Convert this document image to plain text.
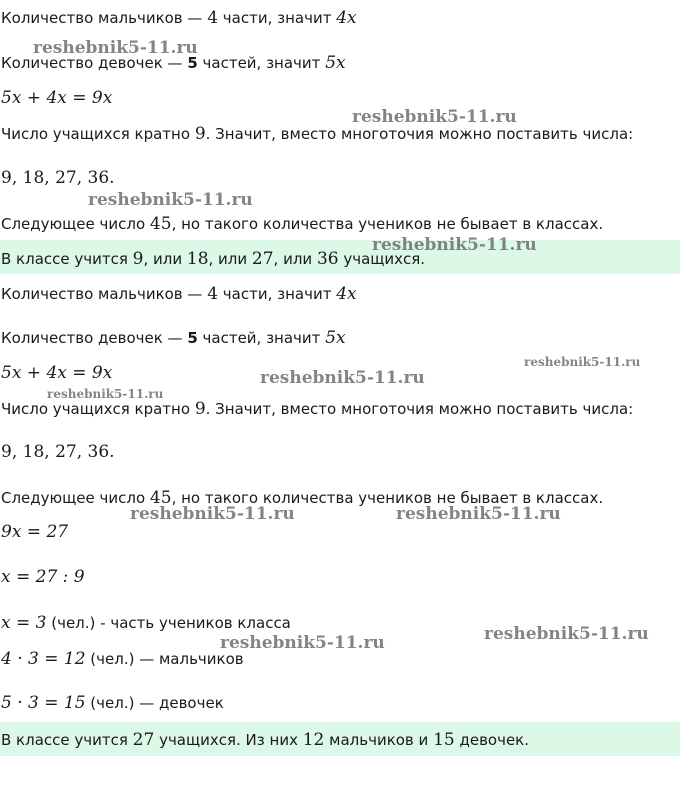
Количество мальчиков — 4 части, значит 4x
Количество девочек — 5 частей, значит 5x
5x + 4x = 9x
Число учащихся кратно 9. Значит, вместо многоточия можно поставить числа:
9, 18, 27, 36.
Следующее число 45, но такого количества учеников не бывает в классах.
В классе учится 9, или 18, или 27, или 36 учащихся.
Количество мальчиков — 4 части, значит 4x
Количество девочек — 5 частей, значит 5x
5x + 4x = 9x
Число учащихся кратно 9. Значит, вместо многоточия можно поставить числа:
9, 18, 27, 36.
Следующее число 45, но такого количества учеников не бывает в классах.
9x = 27
x = 27 : 9
x = 3 (чел.) - часть учеников класса
4 · 3 = 12 (чел.) — мальчиков
5 · 3 = 15 (чел.) — девочек
В классе учится 27 учащихся. Из них 12 мальчиков и 15 девочек.
reshebnik5-11.ru
reshebnik5-11.ru
reshebnik5-11.ru
reshebnik5-11.ru
reshebnik5-11.ru
reshebnik5-11.ru
reshebnik5-11.ru
reshebnik5-11.ru	reshebnik5-11.ru
reshebnik5-11.ru
reshebnik5-11.ru
